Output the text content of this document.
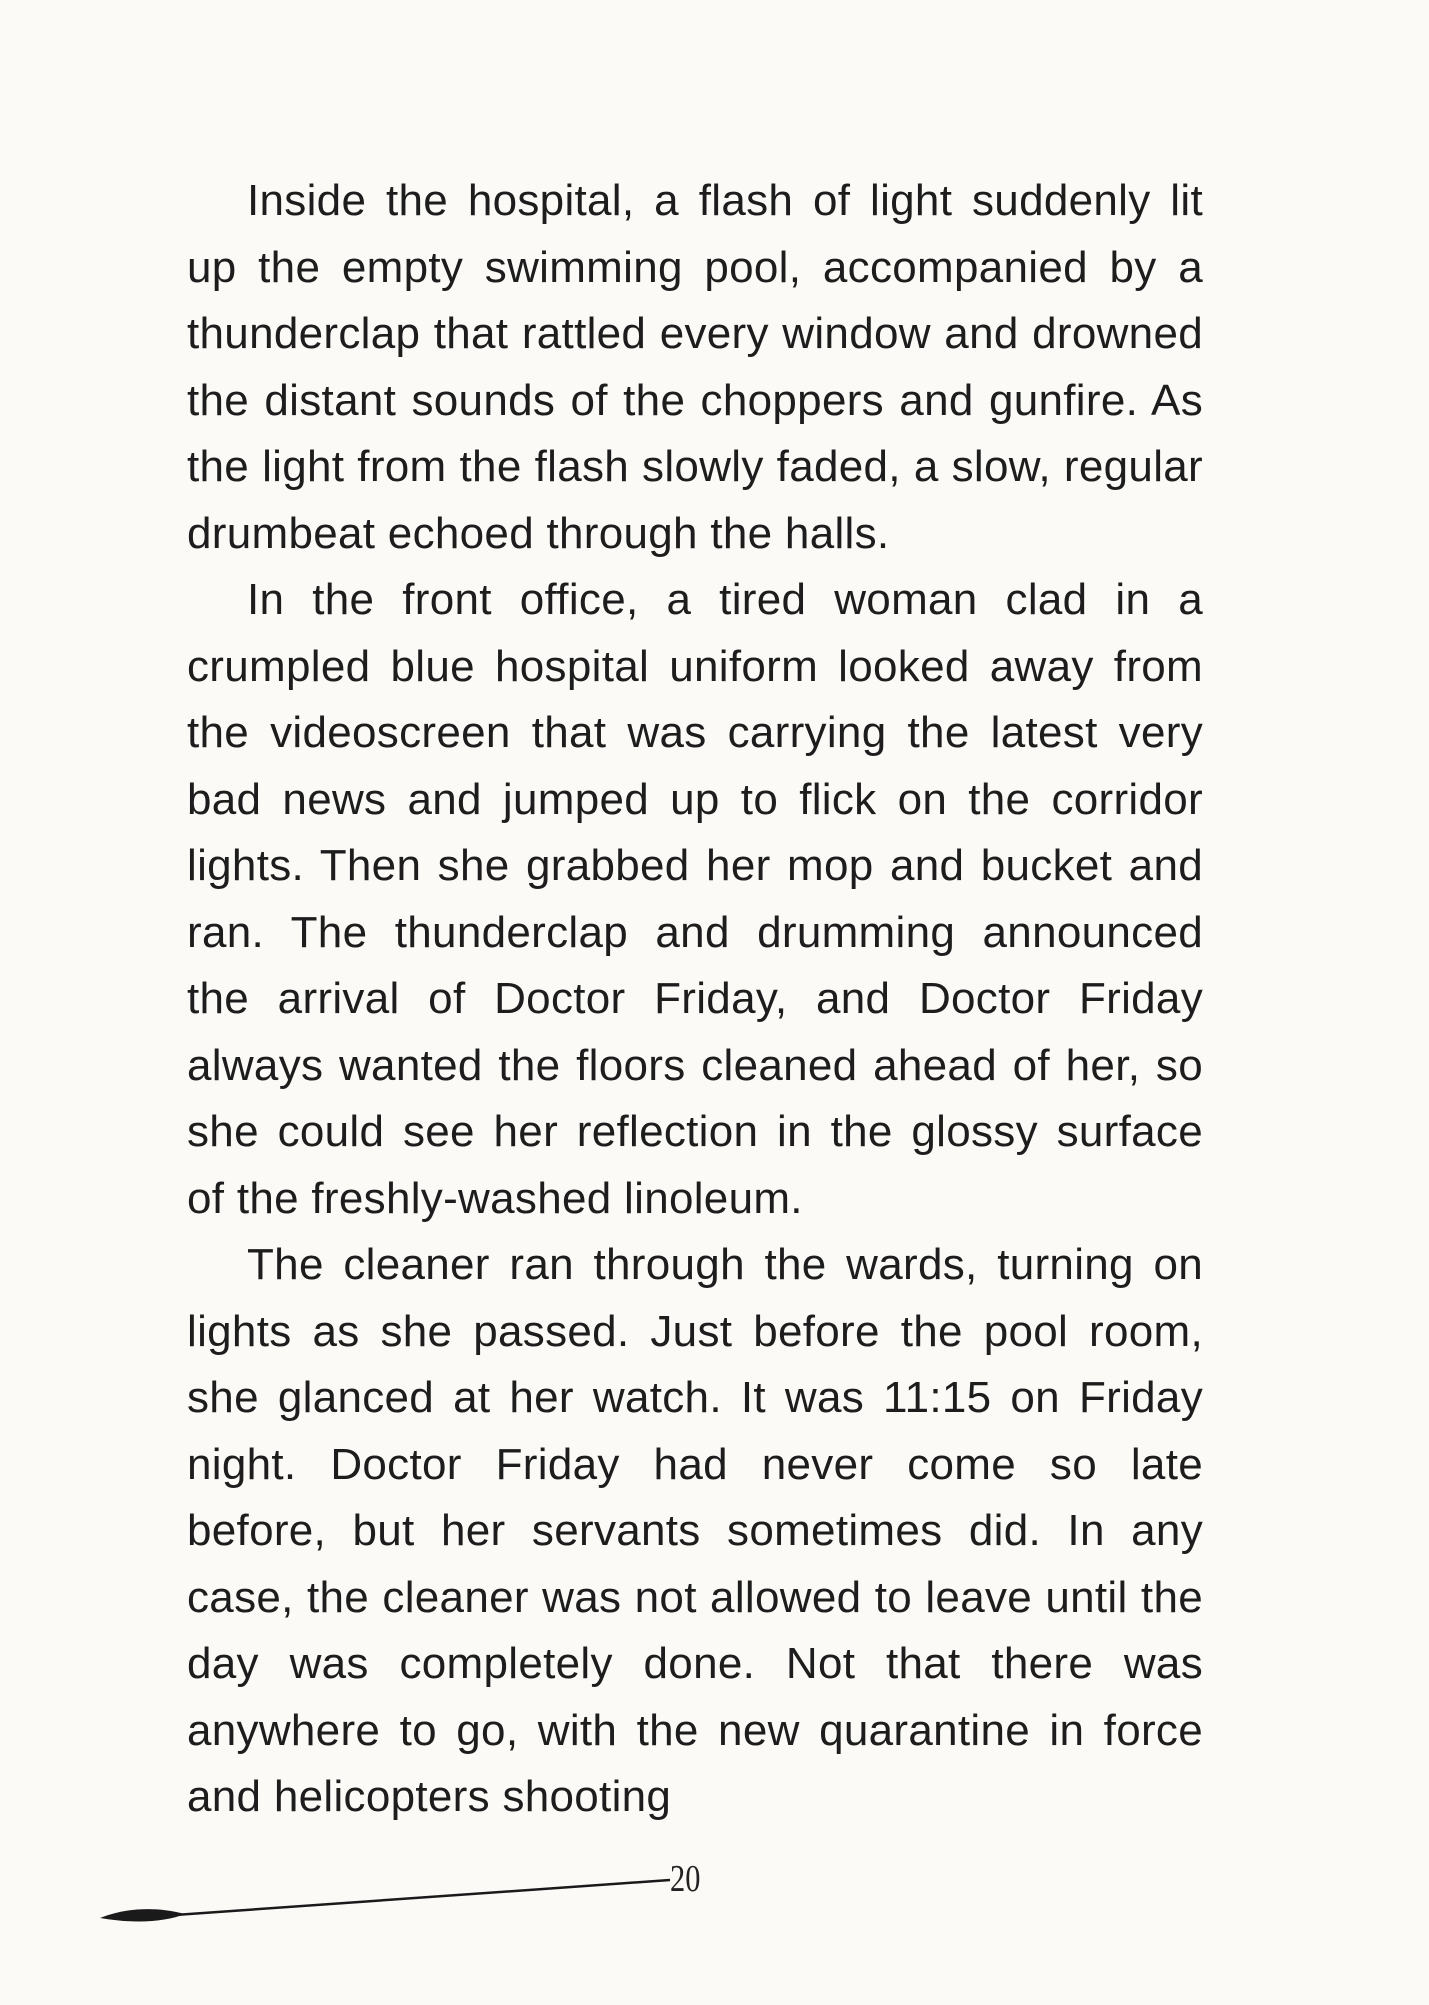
Inside the hospital, a flash of light suddenly lit up the empty swimming pool, accompanied by a thunderclap that rattled every window and drowned the distant sounds of the choppers and gunfire. As the light from the flash slowly faded, a slow, regular drumbeat echoed through the halls.

In the front office, a tired woman clad in a crumpled blue hospital uniform looked away from the videoscreen that was carrying the latest very bad news and jumped up to flick on the corridor lights. Then she grabbed her mop and bucket and ran. The thunderclap and drumming announced the arrival of Doctor Friday, and Doctor Friday always wanted the floors cleaned ahead of her, so she could see her reflection in the glossy surface of the freshly-washed linoleum.

The cleaner ran through the wards, turning on lights as she passed. Just before the pool room, she glanced at her watch. It was 11:15 on Friday night. Doctor Friday had never come so late before, but her servants sometimes did. In any case, the cleaner was not allowed to leave until the day was completely done. Not that there was anywhere to go, with the new quarantine in force and helicopters shooting

20
